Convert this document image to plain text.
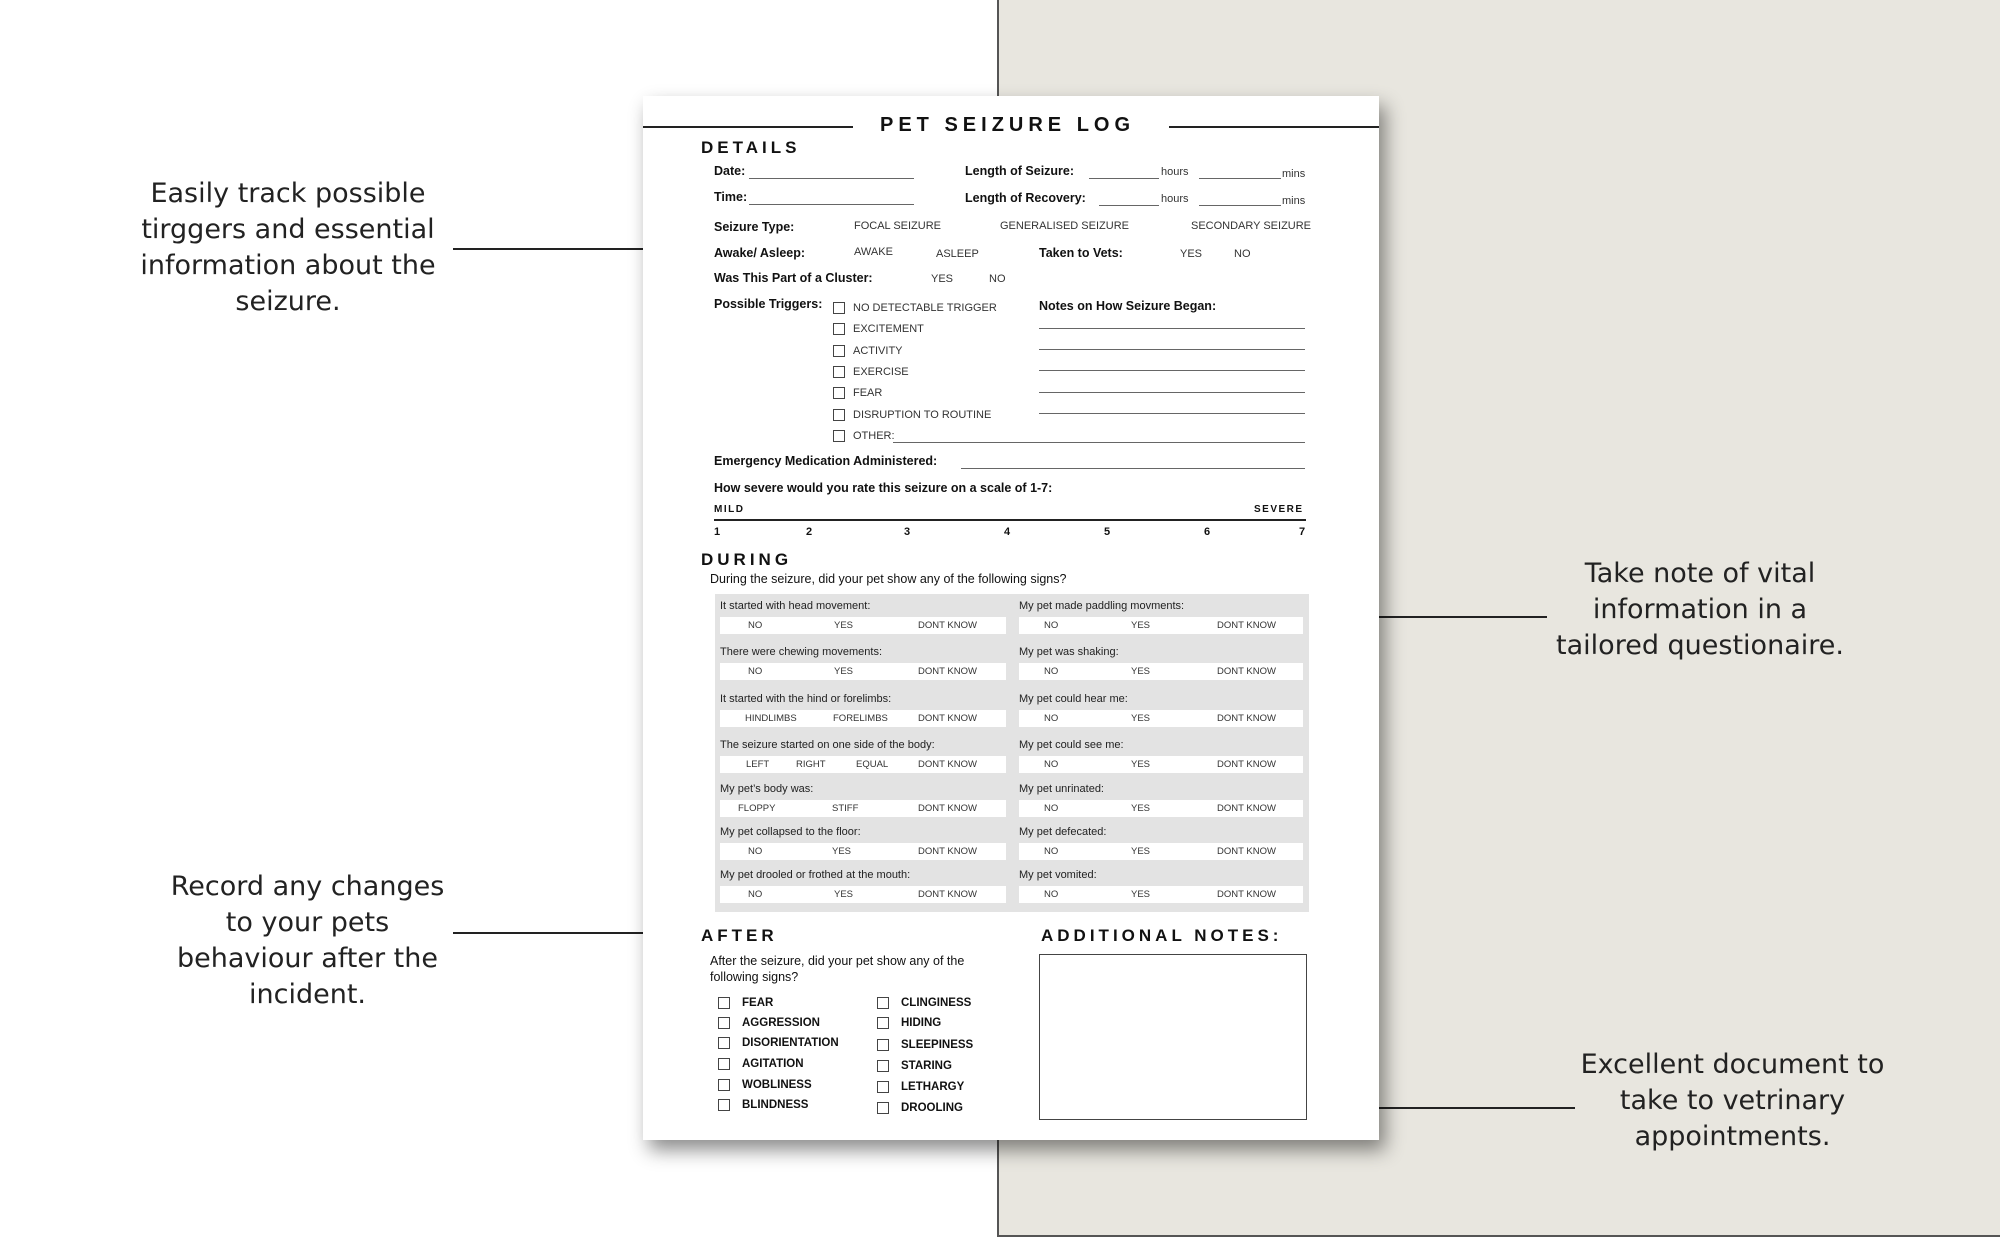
Easily track possible tirggers and essential information about the seizure.
Take note of vital information in a tailored questionaire.
Record any changes to your pets behaviour after the incident.
Excellent document to take to vetrinary appointments.
PET SEIZURE LOG
DETAILS
Date:
Time:
Length of Seizure:	hours	mins
Length of Recovery:	hours	mins
Seizure Type:	FOCAL SEIZURE	GENERALISED SEIZURE	SECONDARY SEIZURE
Awake/ Asleep:	AWAKE	ASLEEP	Taken to Vets:	YES	NO
Was This Part of a Cluster:	YES	NO
Possible Triggers:	NO DETECTABLE TRIGGER
EXCITEMENT
ACTIVITY
EXERCISE
FEAR
DISRUPTION TO ROUTINE
OTHER:
Notes on How Seizure Began:
Emergency Medication Administered:
How severe would you rate this seizure on a scale of 1-7:
MILD	SEVERE
1	2	3	4	5	6	7
DURING
During the seizure, did your pet show any of the following signs?
It started with head movement:
NO	YES	DONT KNOW
There were chewing movements:
NO	YES	DONT KNOW
It started with the hind or forelimbs:
HINDLIMBS	FORELIMBS	DONT KNOW
The seizure started on one side of the body:
LEFT	RIGHT	EQUAL	DONT KNOW
My pet’s body was:
FLOPPY	STIFF	DONT KNOW
My pet collapsed to the floor:
NO	YES	DONT KNOW
My pet drooled or frothed at the mouth:
NO	YES	DONT KNOW
My pet made paddling movments:
NO	YES	DONT KNOW
My pet was shaking:
NO	YES	DONT KNOW
My pet could hear me:
NO	YES	DONT KNOW
My pet could see me:
NO	YES	DONT KNOW
My pet unrinated:
NO	YES	DONT KNOW
My pet defecated:
NO	YES	DONT KNOW
My pet vomited:
NO	YES	DONT KNOW
AFTER
After the seizure, did your pet show any of the
following signs?
FEAR
AGGRESSION
DISORIENTATION
AGITATION
WOBLINESS
BLINDNESS
CLINGINESS
HIDING
SLEEPINESS
STARING
LETHARGY
DROOLING
ADDITIONAL NOTES:
